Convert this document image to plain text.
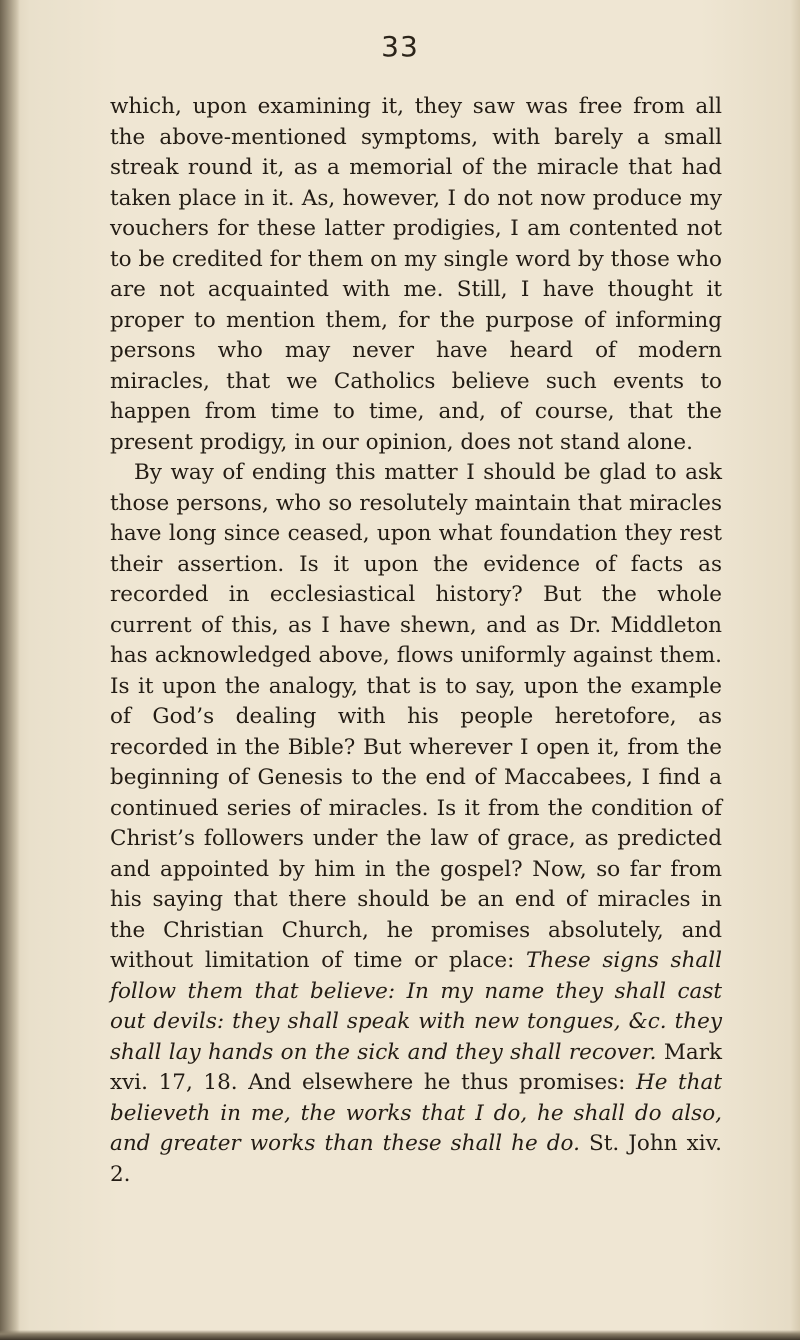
33

which, upon examining it, they saw was free from all the above-mentioned symptoms, with barely a small streak round it, as a memorial of the miracle that had taken place in it. As, however, I do not now produce my vouchers for these latter prodigies, I am contented not to be credited for them on my single word by those who are not acquainted with me. Still, I have thought it proper to mention them, for the purpose of informing persons who may never have heard of modern miracles, that we Catholics believe such events to happen from time to time, and, of course, that the present prodigy, in our opinion, does not stand alone.

By way of ending this matter I should be glad to ask those persons, who so resolutely maintain that miracles have long since ceased, upon what foundation they rest their assertion. Is it upon the evidence of facts as recorded in ecclesiastical history? But the whole current of this, as I have shewn, and as Dr. Middleton has acknowledged above, flows uniformly against them. Is it upon the analogy, that is to say, upon the example of God’s dealing with his people heretofore, as recorded in the Bible? But wherever I open it, from the beginning of Genesis to the end of Maccabees, I find a continued series of miracles. Is it from the condition of Christ’s followers under the law of grace, as predicted and appointed by him in the gospel? Now, so far from his saying that there should be an end of miracles in the Christian Church, he promises absolutely, and without limitation of time or place: These signs shall follow them that believe: In my name they shall cast out devils: they shall speak with new tongues, &c. they shall lay hands on the sick and they shall recover. Mark xvi. 17, 18. And elsewhere he thus promises: He that believeth in me, the works that I do, he shall do also, and greater works than these shall he do. St. John xiv. 2.
